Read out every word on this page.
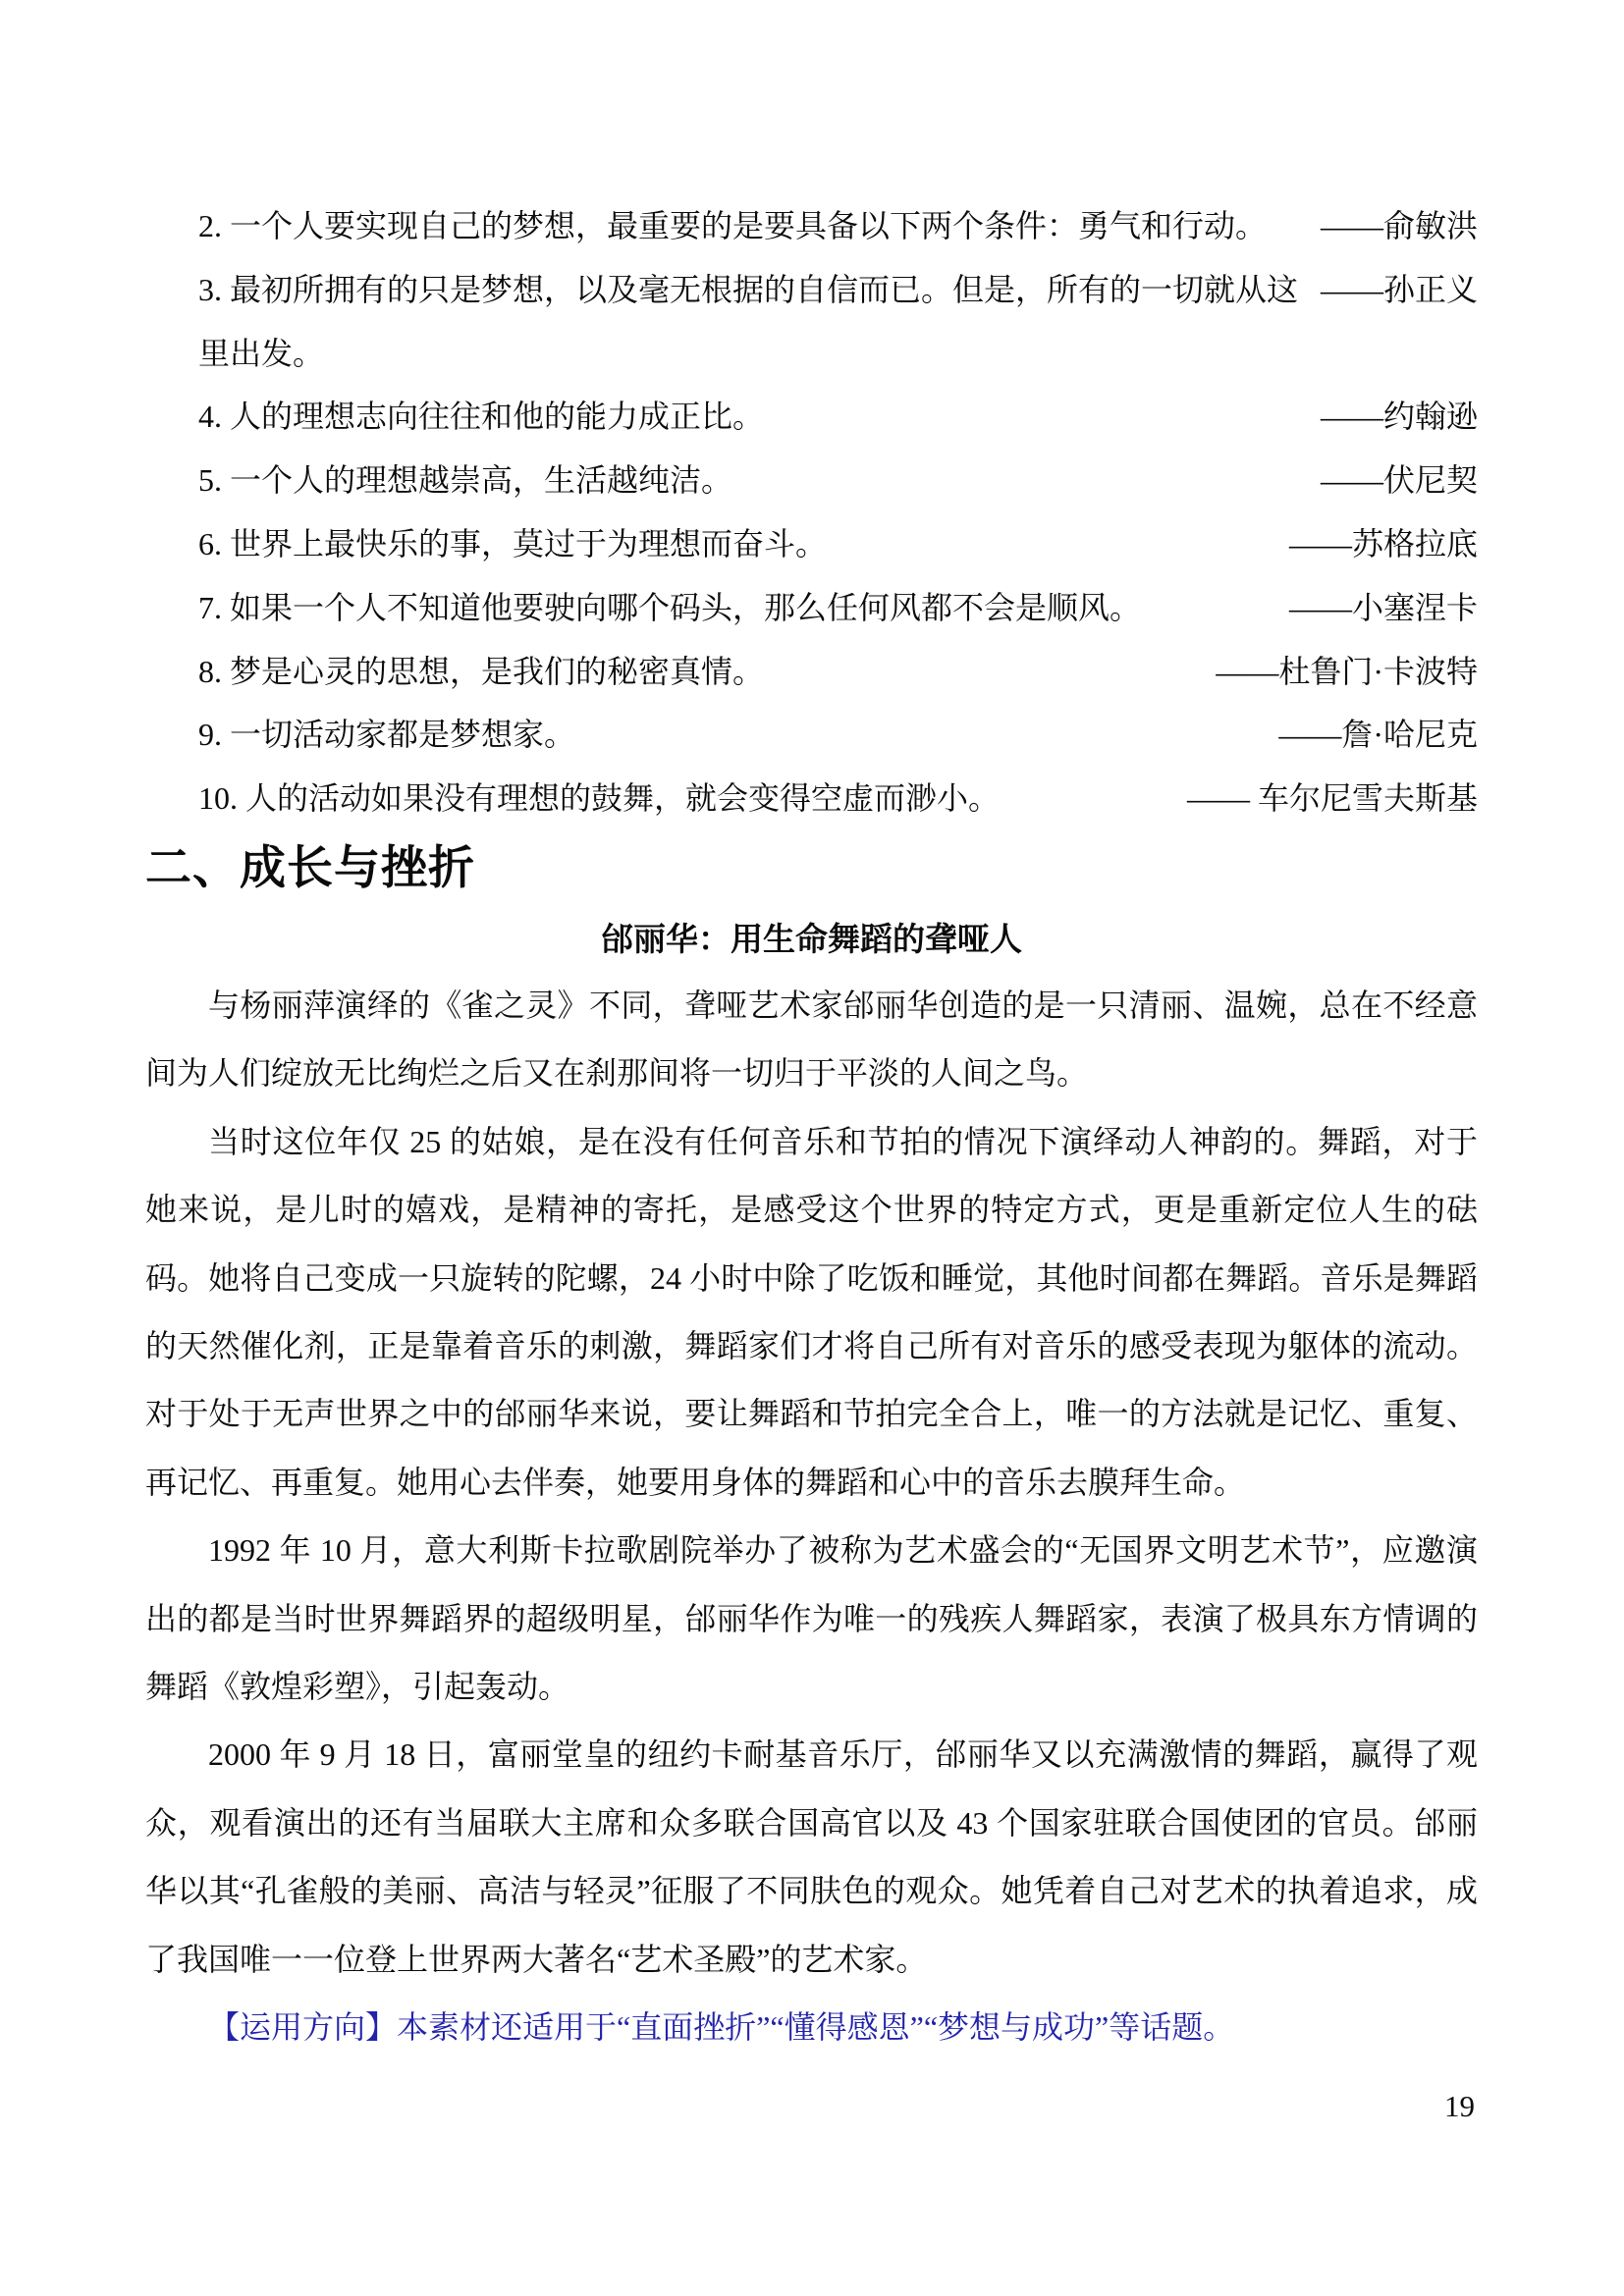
2. 一个人要实现自己的梦想，最重要的是要具备以下两个条件：勇气和行动。 ——俞敏洪
3. 最初所拥有的只是梦想，以及毫无根据的自信而已。但是，所有的一切就从这里出发。
——孙正义
4. 人的理想志向往往和他的能力成正比。	——约翰逊
5. 一个人的理想越崇高，生活越纯洁。	——伏尼契
6. 世界上最快乐的事，莫过于为理想而奋斗。	——苏格拉底
7. 如果一个人不知道他要驶向哪个码头，那么任何风都不会是顺风。	——小塞涅卡
8. 梦是心灵的思想，是我们的秘密真情。	——杜鲁门·卡波特
9. 一切活动家都是梦想家。	——詹·哈尼克
10. 人的活动如果没有理想的鼓舞，就会变得空虚而渺小。	—— 车尔尼雪夫斯基
二、成长与挫折
邰丽华：用生命舞蹈的聋哑人

与杨丽萍演绎的《雀之灵》不同，聋哑艺术家邰丽华创造的是一只清丽、温婉，总在不经意间为人们绽放无比绚烂之后又在刹那间将一切归于平淡的人间之鸟。

当时这位年仅 25 的姑娘，是在没有任何音乐和节拍的情况下演绎动人神韵的。舞蹈，对于她来说，是儿时的嬉戏，是精神的寄托，是感受这个世界的特定方式，更是重新定位人生的砝码。她将自己变成一只旋转的陀螺，24 小时中除了吃饭和睡觉，其他时间都在舞蹈。音乐是舞蹈的天然催化剂，正是靠着音乐的刺激，舞蹈家们才将自己所有对音乐的感受表现为躯体的流动。对于处于无声世界之中的邰丽华来说，要让舞蹈和节拍完全合上，唯一的方法就是记忆、重复、再记忆、再重复。她用心去伴奏，她要用身体的舞蹈和心中的音乐去膜拜生命。

1992 年 10 月，意大利斯卡拉歌剧院举办了被称为艺术盛会的“无国界文明艺术节”，应邀演出的都是当时世界舞蹈界的超级明星，邰丽华作为唯一的残疾人舞蹈家，表演了极具东方情调的舞蹈《敦煌彩塑》，引起轰动。

2000 年 9 月 18 日，富丽堂皇的纽约卡耐基音乐厅，邰丽华又以充满激情的舞蹈，赢得了观众，观看演出的还有当届联大主席和众多联合国高官以及 43 个国家驻联合国使团的官员。邰丽华以其“孔雀般的美丽、高洁与轻灵”征服了不同肤色的观众。她凭着自己对艺术的执着追求，成了我国唯一一位登上世界两大著名“艺术圣殿”的艺术家。

【运用方向】本素材还适用于“直面挫折”“懂得感恩”“梦想与成功”等话题。

19
